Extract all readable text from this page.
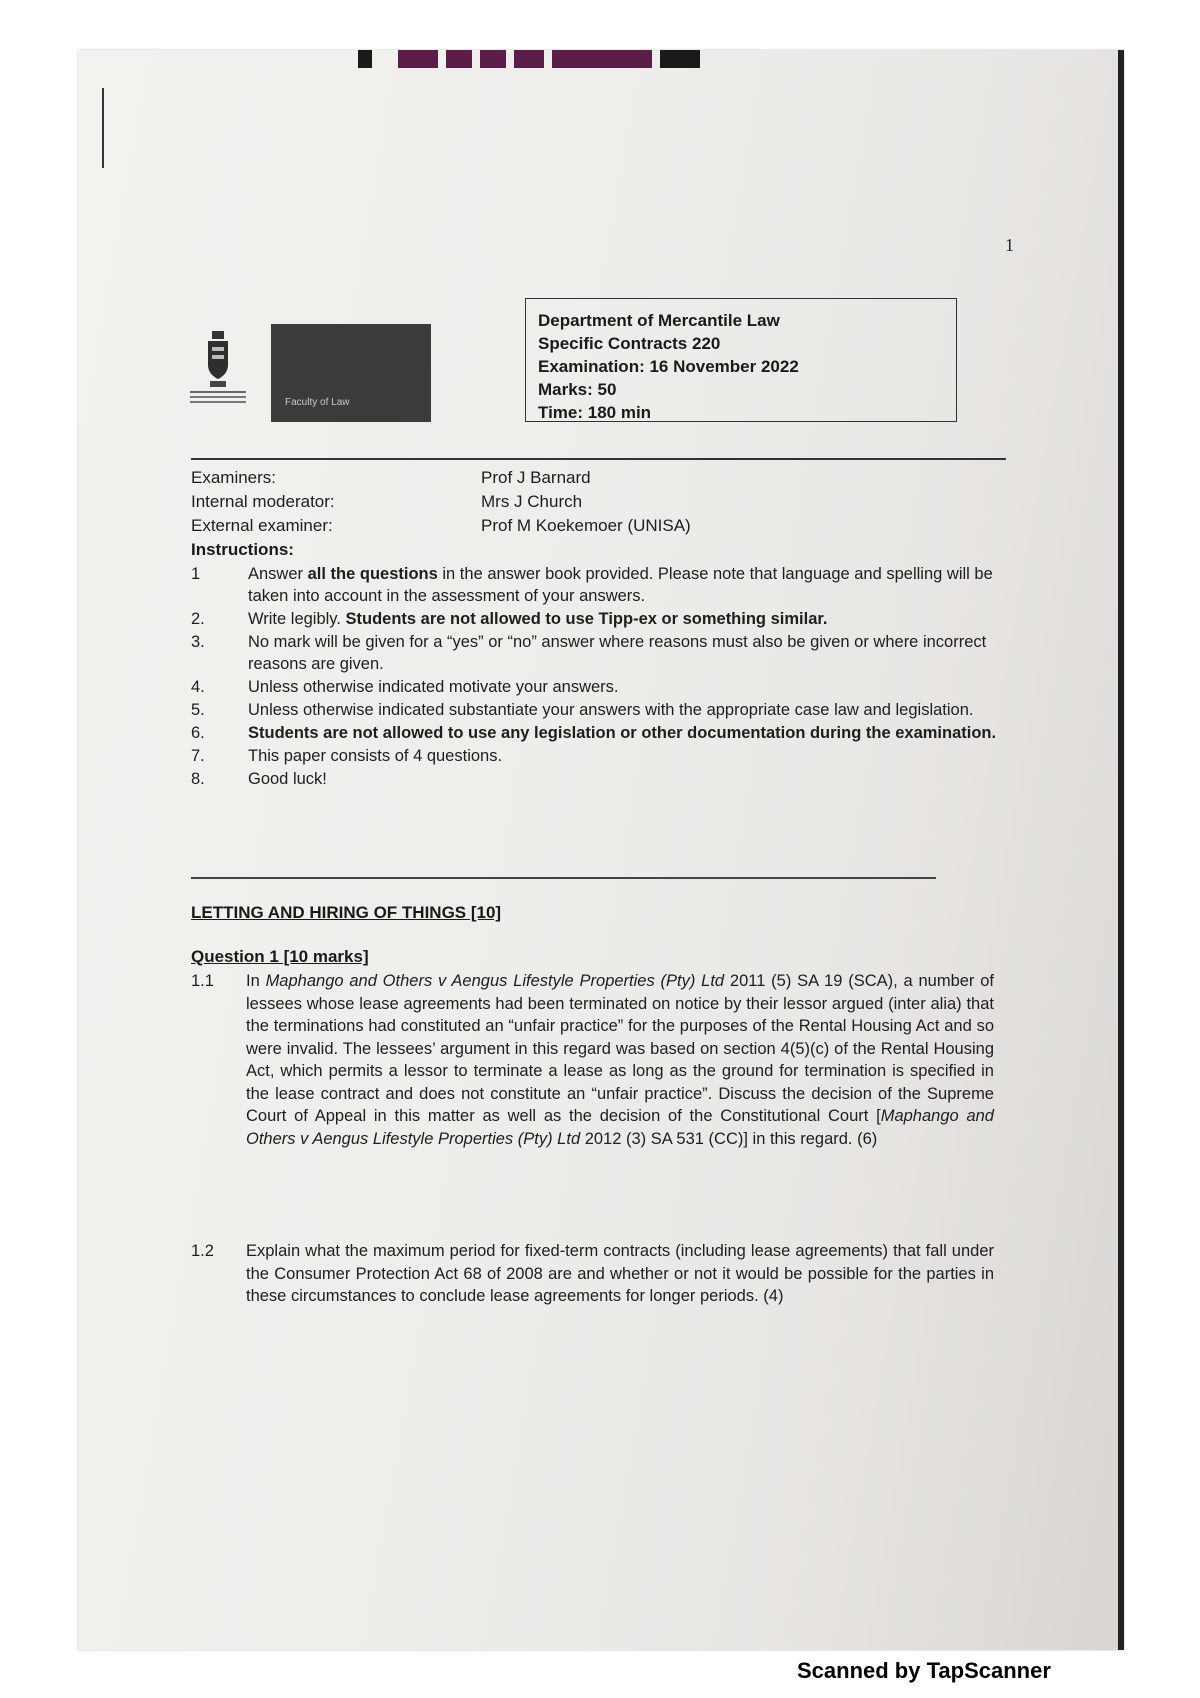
1
Faculty of Law
Department of Mercantile Law
Specific Contracts 220
Examination: 16 November 2022
Marks: 50
Time: 180 min
Examiners:	Prof J Barnard
Internal moderator:	Mrs J Church
External examiner:	Prof M Koekemoer (UNISA)
Instructions:
1	Answer all the questions in the answer book provided. Please note that language and spelling will be taken into account in the assessment of your answers.
2.	Write legibly. Students are not allowed to use Tipp-ex or something similar.
3.	No mark will be given for a “yes” or “no” answer where reasons must also be given or where incorrect reasons are given.
4.	Unless otherwise indicated motivate your answers.
5.	Unless otherwise indicated substantiate your answers with the appropriate case law and legislation.
6.	Students are not allowed to use any legislation or other documentation during the examination.
7.	This paper consists of 4 questions.
8.	Good luck!
LETTING AND HIRING OF THINGS [10]
Question 1 [10 marks]
1.1	In Maphango and Others v Aengus Lifestyle Properties (Pty) Ltd 2011 (5) SA 19 (SCA), a number of lessees whose lease agreements had been terminated on notice by their lessor argued (inter alia) that the terminations had constituted an “unfair practice” for the purposes of the Rental Housing Act and so were invalid. The lessees’ argument in this regard was based on section 4(5)(c) of the Rental Housing Act, which permits a lessor to terminate a lease as long as the ground for termination is specified in the lease contract and does not constitute an “unfair practice”. Discuss the decision of the Supreme Court of Appeal in this matter as well as the decision of the Constitutional Court [Maphango and Others v Aengus Lifestyle Properties (Pty) Ltd 2012 (3) SA 531 (CC)] in this regard. (6)
1.2	Explain what the maximum period for fixed-term contracts (including lease agreements) that fall under the Consumer Protection Act 68 of 2008 are and whether or not it would be possible for the parties in these circumstances to conclude lease agreements for longer periods. (4)
Scanned by TapScanner
